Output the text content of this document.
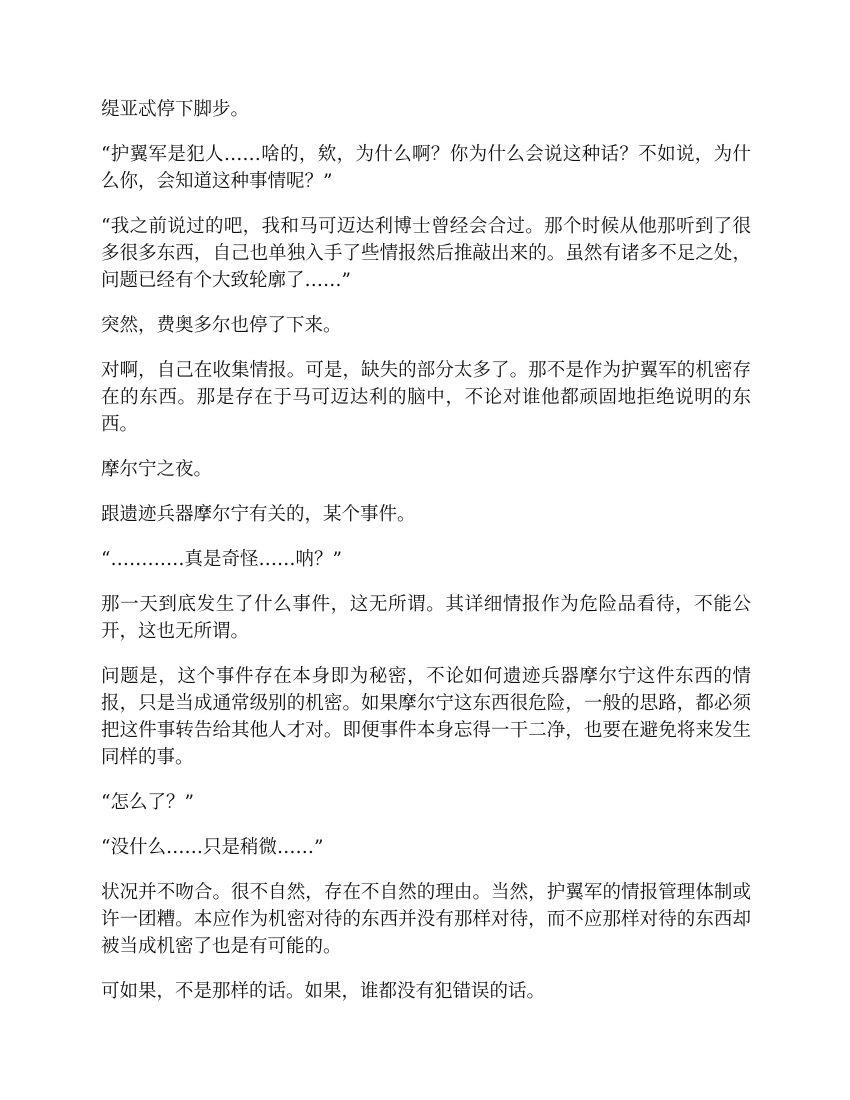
缇亚忒停下脚步。

“护翼军是犯人……啥的，欸，为什么啊？你为什么会说这种话？不如说，为什么你，会知道这种事情呢？”

“我之前说过的吧，我和马可迈达利博士曾经会合过。那个时候从他那听到了很多很多东西，自己也单独入手了些情报然后推敲出来的。虽然有诸多不足之处，问题已经有个大致轮廓了……”

突然，费奥多尔也停了下来。

对啊，自己在收集情报。可是，缺失的部分太多了。那不是作为护翼军的机密存在的东西。那是存在于马可迈达利的脑中，不论对谁他都顽固地拒绝说明的东西。

摩尔宁之夜。

跟遗迹兵器摩尔宁有关的，某个事件。

“…………真是奇怪……呐？”

那一天到底发生了什么事件，这无所谓。其详细情报作为危险品看待，不能公开，这也无所谓。

问题是，这个事件存在本身即为秘密，不论如何遗迹兵器摩尔宁这件东西的情报，只是当成通常级别的机密。如果摩尔宁这东西很危险，一般的思路，都必须把这件事转告给其他人才对。即便事件本身忘得一干二净，也要在避免将来发生同样的事。

“怎么了？”

“没什么……只是稍微……”

状况并不吻合。很不自然，存在不自然的理由。当然，护翼军的情报管理体制或许一团糟。本应作为机密对待的东西并没有那样对待，而不应那样对待的东西却被当成机密了也是有可能的。

可如果，不是那样的话。如果，谁都没有犯错误的话。
